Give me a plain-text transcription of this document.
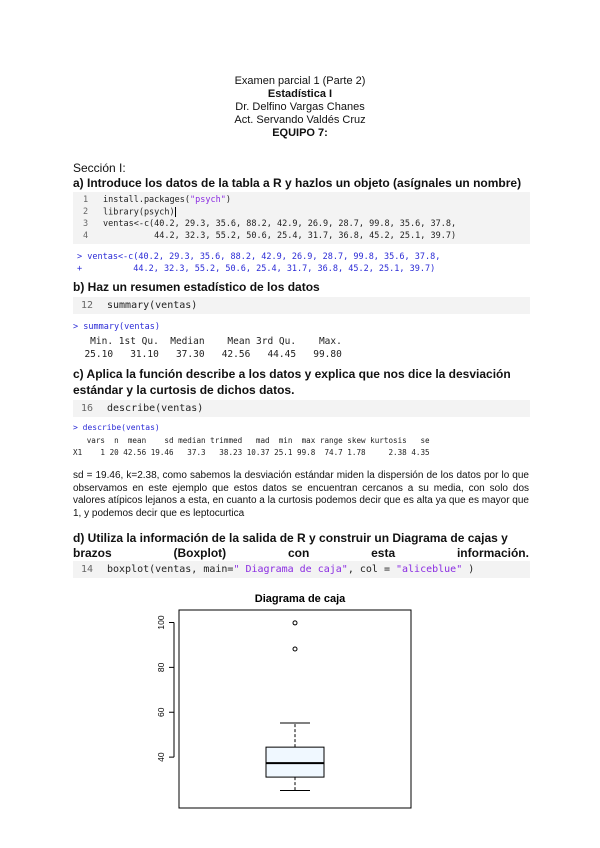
Examen parcial 1 (Parte 2)
Estadística I
Dr. Delfino Vargas Chanes
Act. Servando Valdés Cruz
EQUIPO 7:
Sección I:
a) Introduce los datos de la tabla a R y hazlos un objeto (asígnales un nombre)
1 install.packages("psych")
2 library(psych)
3 ventas<-c(40.2, 29.3, 35.6, 88.2, 42.9, 26.9, 28.7, 99.8, 35.6, 37.8,
4 44.2, 32.3, 55.2, 50.6, 25.4, 31.7, 36.8, 45.2, 25.1, 39.7)
> ventas<-c(40.2, 29.3, 35.6, 88.2, 42.9, 26.9, 28.7, 99.8, 35.6, 37.8,
+          44.2, 32.3, 55.2, 50.6, 25.4, 31.7, 36.8, 45.2, 25.1, 39.7)
b) Haz un resumen estadístico de los datos
12 summary(ventas)
> summary(ventas)
Min. 1st Qu.  Median    Mean 3rd Qu.    Max.
25.10   31.10   37.30   42.56   44.45   99.80
c) Aplica la función describe a los datos y explica que nos dice la desviación
estándar y la curtosis de dichos datos.
16 describe(ventas)
> describe(ventas)
vars  n  mean    sd median trimmed   mad  min  max range skew kurtosis   se
X1    1 20 42.56 19.46   37.3   38.23 10.37 25.1 99.8  74.7 1.78     2.38 4.35
sd = 19.46, k=2.38, como sabemos la desviación estándar miden la dispersión de los datos por lo que observamos en este ejemplo que estos datos se encuentran cercanos a su media, con solo dos valores atípicos lejanos a esta, en cuanto a la curtosis podemos decir que es alta ya que es mayor que 1, y podemos decir que es leptocurtica
d) Utiliza la información de la salida de R y construir un Diagrama de cajas y
brazos	(Boxplot)	con	esta	información.
14 boxplot(ventas, main=" Diagrama de caja", col = "aliceblue" )
Diagrama de caja
40
60
80
100
